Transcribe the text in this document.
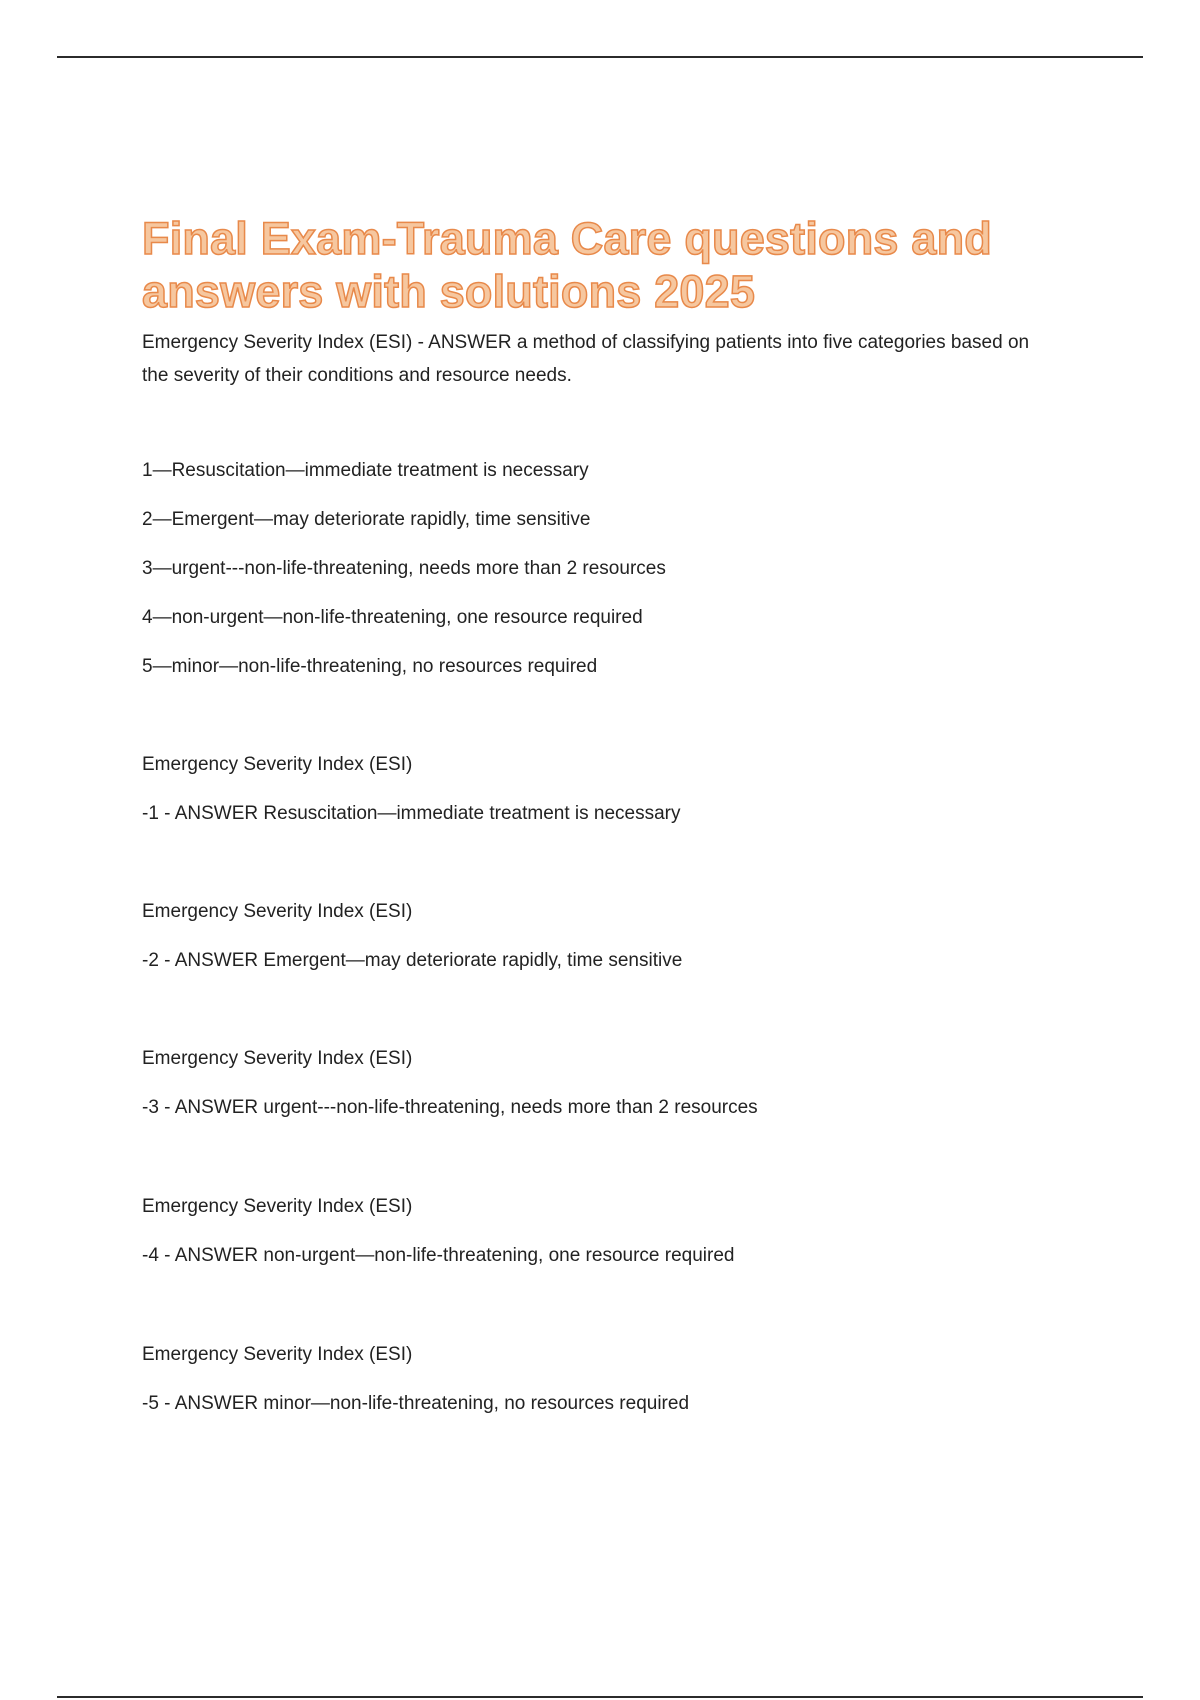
Final Exam-Trauma Care questions and answers with solutions 2025

Emergency Severity Index (ESI) - ANSWER a method of classifying patients into five categories based on the severity of their conditions and resource needs.

1—Resuscitation—immediate treatment is necessary

2—Emergent—may deteriorate rapidly, time sensitive

3—urgent---non-life-threatening, needs more than 2 resources

4—non-urgent—non-life-threatening, one resource required

5—minor—non-life-threatening, no resources required

Emergency Severity Index (ESI)

-1 - ANSWER Resuscitation—immediate treatment is necessary

Emergency Severity Index (ESI)

-2 - ANSWER Emergent—may deteriorate rapidly, time sensitive

Emergency Severity Index (ESI)

-3 - ANSWER urgent---non-life-threatening, needs more than 2 resources

Emergency Severity Index (ESI)

-4 - ANSWER non-urgent—non-life-threatening, one resource required

Emergency Severity Index (ESI)

-5 - ANSWER minor—non-life-threatening, no resources required
